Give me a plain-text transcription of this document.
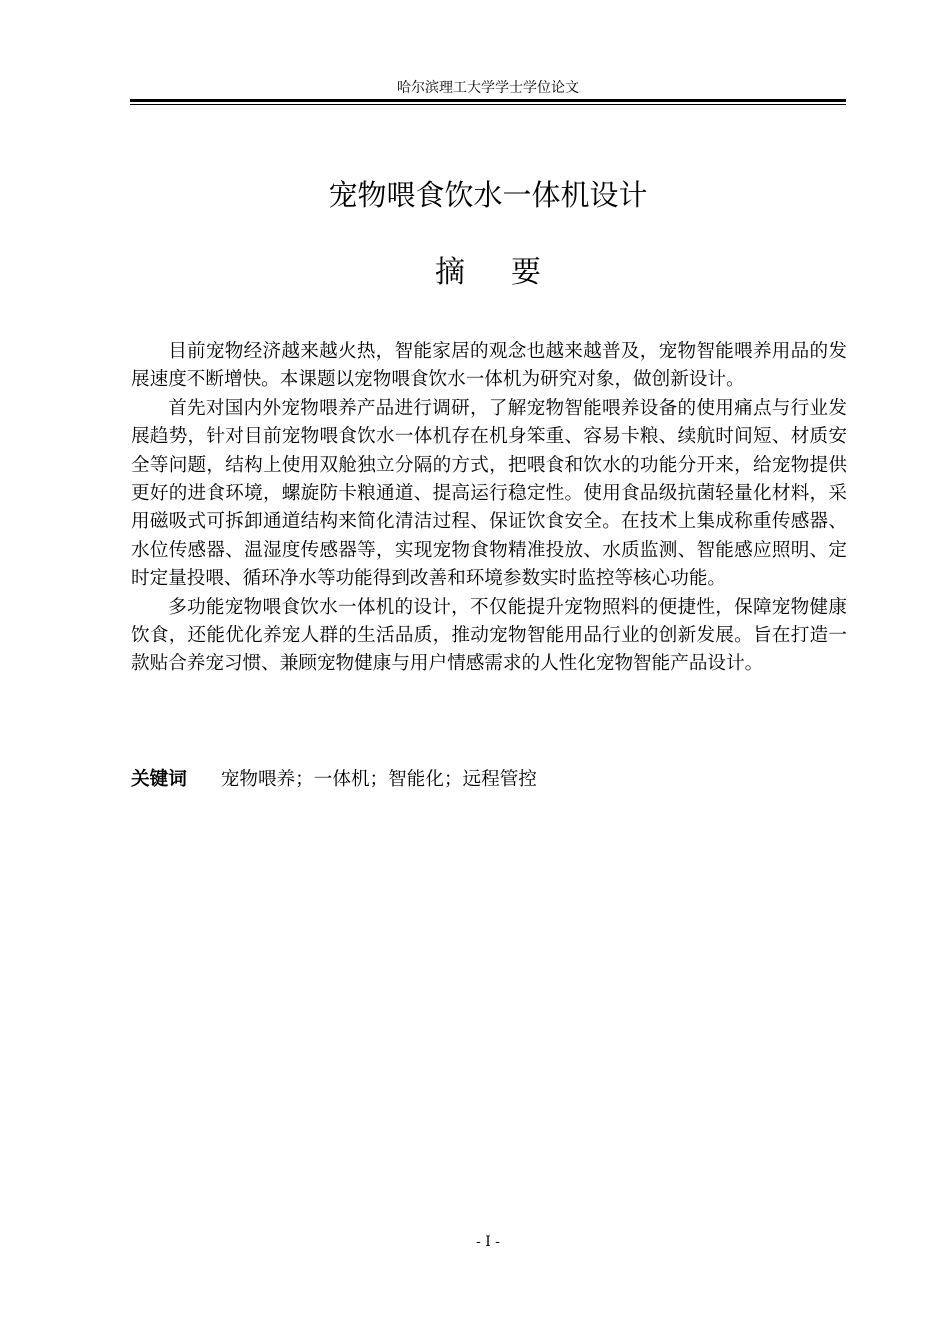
哈尔滨理工大学学士学位论文
宠物喂食饮水一体机设计
摘 要

目前宠物经济越来越火热，智能家居的观念也越来越普及，宠物智能喂养用品的发展速度不断增快。本课题以宠物喂食饮水一体机为研究对象，做创新设计。

首先对国内外宠物喂养产品进行调研，了解宠物智能喂养设备的使用痛点与行业发展趋势，针对目前宠物喂食饮水一体机存在机身笨重、容易卡粮、续航时间短、材质安全等问题，结构上使用双舱独立分隔的方式，把喂食和饮水的功能分开来，给宠物提供更好的进食环境，螺旋防卡粮通道、提高运行稳定性。使用食品级抗菌轻量化材料，采用磁吸式可拆卸通道结构来简化清洁过程、保证饮食安全。在技术上集成称重传感器、水位传感器、温湿度传感器等，实现宠物食物精准投放、水质监测、智能感应照明、定时定量投喂、循环净水等功能得到改善和环境参数实时监控等核心功能。

多功能宠物喂食饮水一体机的设计，不仅能提升宠物照料的便捷性，保障宠物健康饮食，还能优化养宠人群的生活品质，推动宠物智能用品行业的创新发展。旨在打造一款贴合养宠习惯、兼顾宠物健康与用户情感需求的人性化宠物智能产品设计。

关键词 宠物喂养；一体机；智能化；远程管控
- I -
